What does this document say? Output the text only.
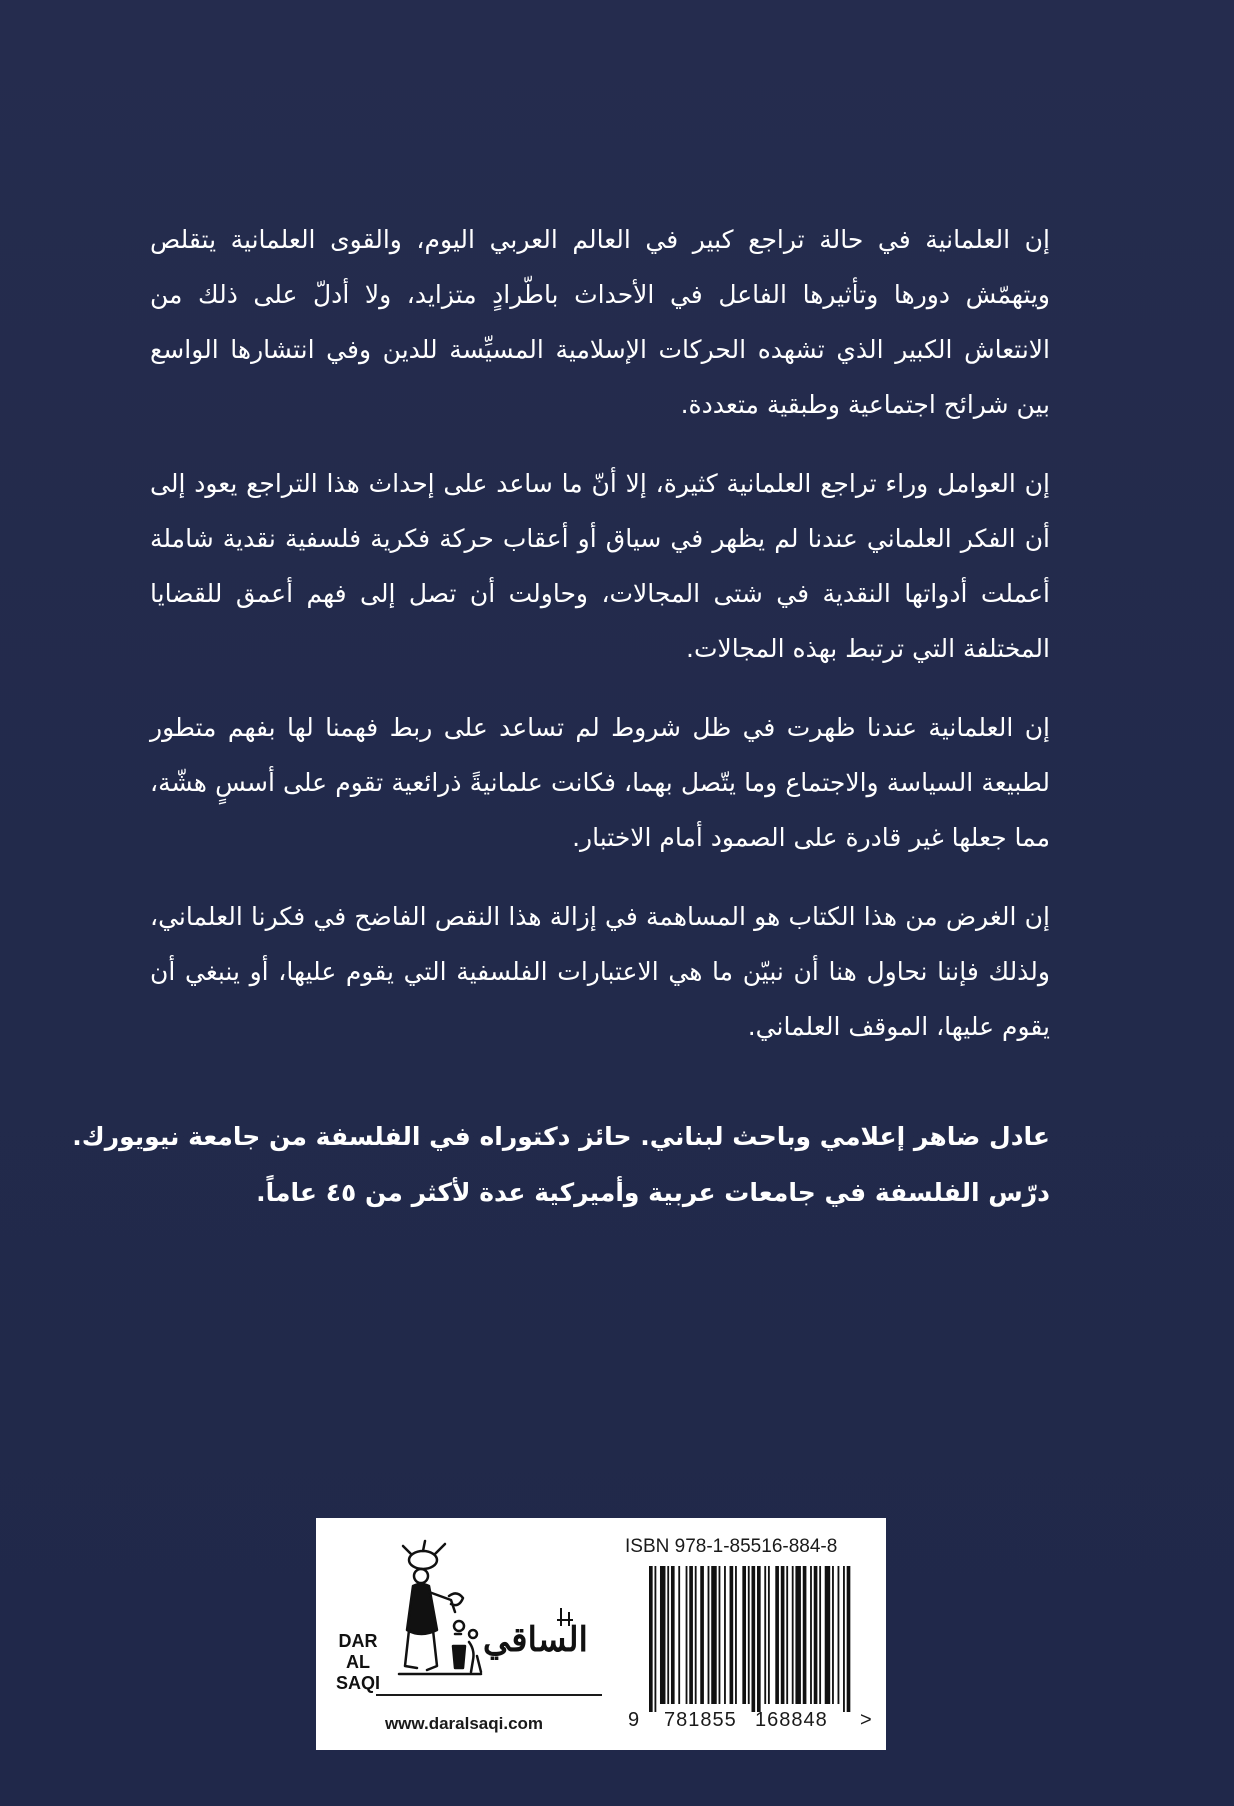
إن العلمانية في حالة تراجع كبير في العالم العربي اليوم، والقوى العلمانية يتقلص ويتهمّش دورها وتأثيرها الفاعل في الأحداث باطّرادٍ متزايد، ولا أدلّ على ذلك من الانتعاش الكبير الذي تشهده الحركات الإسلامية المسيِّسة للدين وفي انتشارها الواسع بين شرائح اجتماعية وطبقية متعددة.

إن العوامل وراء تراجع العلمانية كثيرة، إلا أنّ ما ساعد على إحداث هذا التراجع يعود إلى أن الفكر العلماني عندنا لم يظهر في سياق أو أعقاب حركة فكرية فلسفية نقدية شاملة أعملت أدواتها النقدية في شتى المجالات، وحاولت أن تصل إلى فهم أعمق للقضايا المختلفة التي ترتبط بهذه المجالات.

إن العلمانية عندنا ظهرت في ظل شروط لم تساعد على ربط فهمنا لها بفهم متطور لطبيعة السياسة والاجتماع وما يتّصل بهما، فكانت علمانيةً ذرائعية تقوم على أسسٍ هشّة، مما جعلها غير قادرة على الصمود أمام الاختبار.

إن الغرض من هذا الكتاب هو المساهمة في إزالة هذا النقص الفاضح في فكرنا العلماني، ولذلك فإننا نحاول هنا أن نبيّن ما هي الاعتبارات الفلسفية التي يقوم عليها، أو ينبغي أن يقوم عليها، الموقف العلماني.

عادل ضاهر إعلامي وباحث لبناني. حائز دكتوراه في الفلسفة من جامعة نيويورك.
درّس الفلسفة في جامعات عربية وأميركية عدة لأكثر من ٤٥ عاماً.
DAR
AL SAQI
الساقي
www.daralsaqi.com
ISBN 978-1-85516-884-8
9 781855 168848 >
